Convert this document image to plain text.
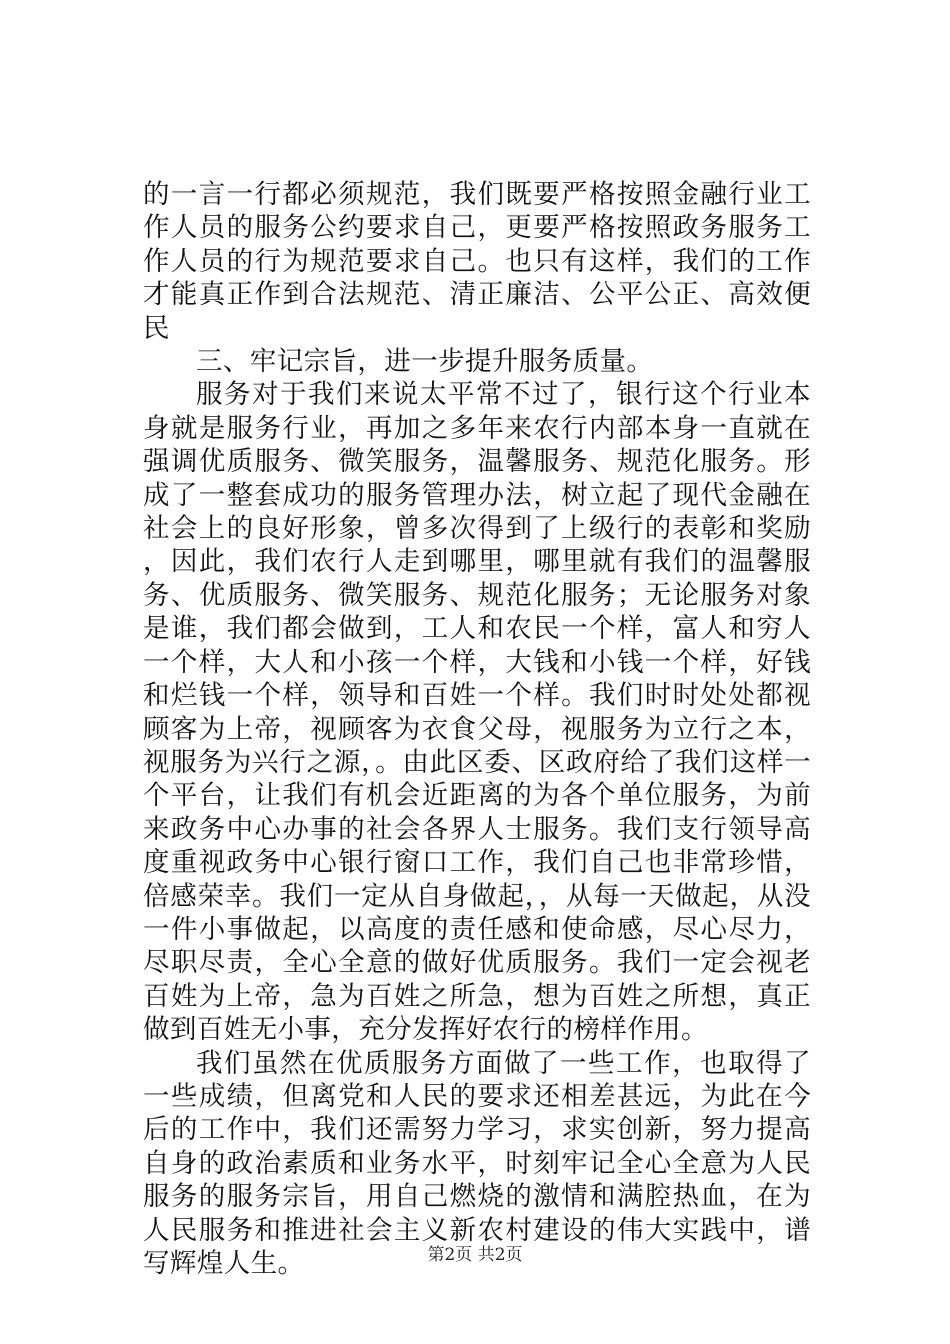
的一言一行都必须规范，我们既要严格按照金融行业工作人员的服务公约要求自己，更要严格按照政务服务工作人员的行为规范要求自己。也只有这样，我们的工作才能真正作到合法规范、清正廉洁、公平公正、高效便民

三、牢记宗旨，进一步提升服务质量。

服务对于我们来说太平常不过了，银行这个行业本身就是服务行业，再加之多年来农行内部本身一直就在强调优质服务、微笑服务，温馨服务、规范化服务。形成了一整套成功的服务管理办法，树立起了现代金融在社会上的良好形象，曾多次得到了上级行的表彰和奖励，因此，我们农行人走到哪里，哪里就有我们的温馨服务、优质服务、微笑服务、规范化服务；无论服务对象是谁，我们都会做到，工人和农民一个样，富人和穷人一个样，大人和小孩一个样，大钱和小钱一个样，好钱和烂钱一个样，领导和百姓一个样。我们时时处处都视顾客为上帝，视顾客为衣食父母，视服务为立行之本，视服务为兴行之源，。由此区委、区政府给了我们这样一个平台，让我们有机会近距离的为各个单位服务，为前来政务中心办事的社会各界人士服务。我们支行领导高度重视政务中心银行窗口工作，我们自己也非常珍惜，倍感荣幸。我们一定从自身做起，，从每一天做起，从没一件小事做起，以高度的责任感和使命感，尽心尽力，尽职尽责，全心全意的做好优质服务。我们一定会视老百姓为上帝，急为百姓之所急，想为百姓之所想，真正做到百姓无小事，充分发挥好农行的榜样作用。

我们虽然在优质服务方面做了一些工作，也取得了一些成绩，但离党和人民的要求还相差甚远，为此在今后的工作中，我们还需努力学习，求实创新，努力提高自身的政治素质和业务水平，时刻牢记全心全意为人民服务的服务宗旨，用自己燃烧的激情和满腔热血，在为人民服务和推进社会主义新农村建设的伟大实践中，谱写辉煌人生。	第2页 共2页
